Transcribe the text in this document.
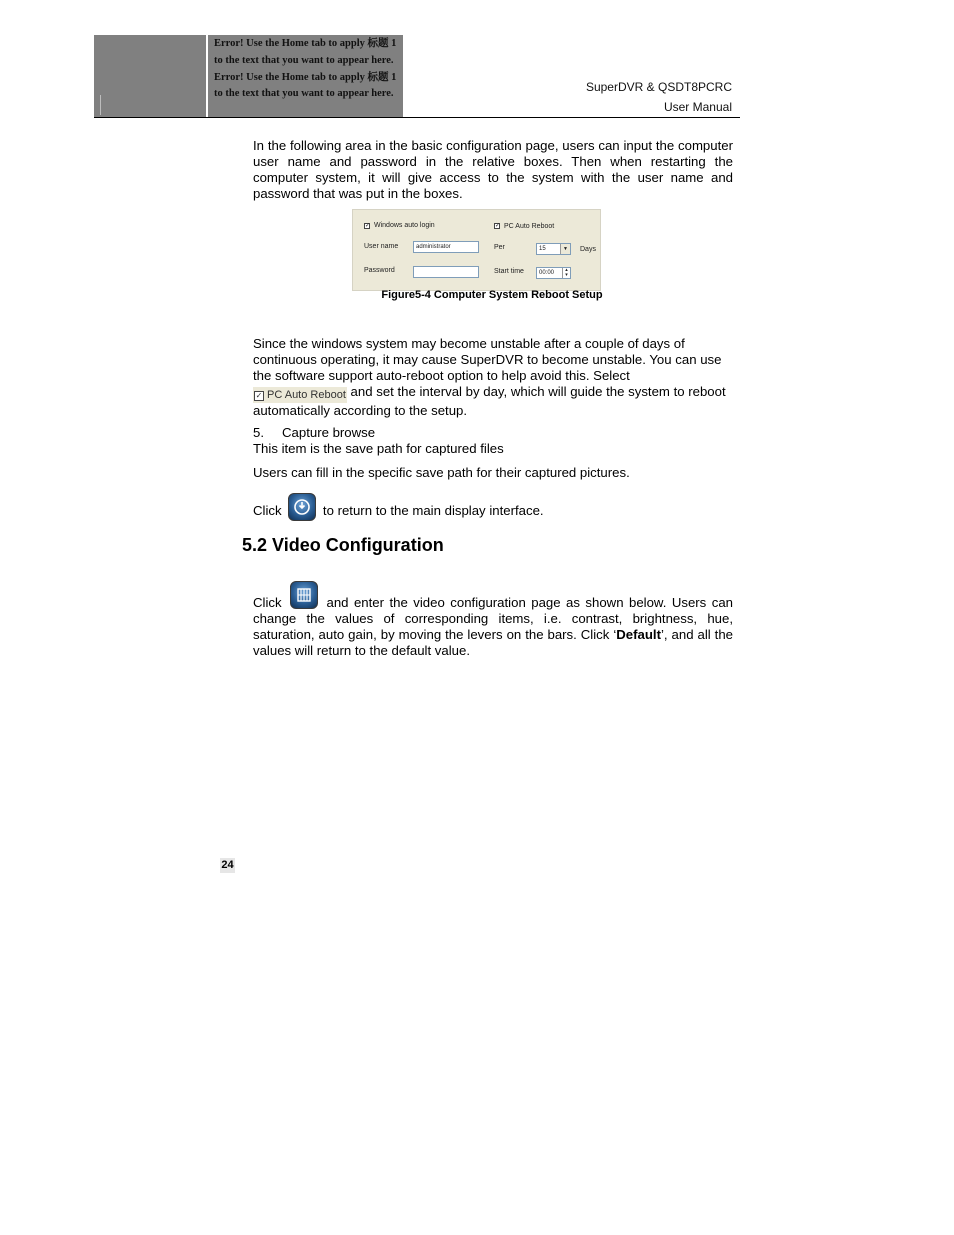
Error! Use the Home tab to apply 标题 1 to the text that you want to appear here. Error! Use the Home tab to apply 标题 1 to the text that you want to appear here.	SuperDVR & QSDT8PCRC
User Manual
In the following area in the basic configuration page, users can input the computer user name and password in the relative boxes. Then when restarting the computer system, it will give access to the system with the user name and password that was put in the boxes.
✓ Windows auto login
User name	administrator
Password
✓ PC Auto Reboot
Per	15	▼ Days
Start time	00:00	▴
▾
Figure5-4 Computer System Reboot Setup
Since the windows system may become unstable after a couple of days of continuous operating, it may cause SuperDVR to become unstable. You can use the software support auto-reboot option to help avoid this. Select
✓ PC Auto Reboot and set the interval by day, which will guide the system to reboot automatically according to the setup.
5. Capture browse
This item is the save path for captured files
Users can fill in the specific save path for their captured pictures.
Click	to return to the main display interface.
5.2 Video Configuration
Click	and enter the video configuration page as shown below. Users can change the values of corresponding items, i.e. contrast, brightness, hue, saturation, auto gain, by moving the levers on the bars. Click ‘Default’, and all the values will return to the default value.
24
